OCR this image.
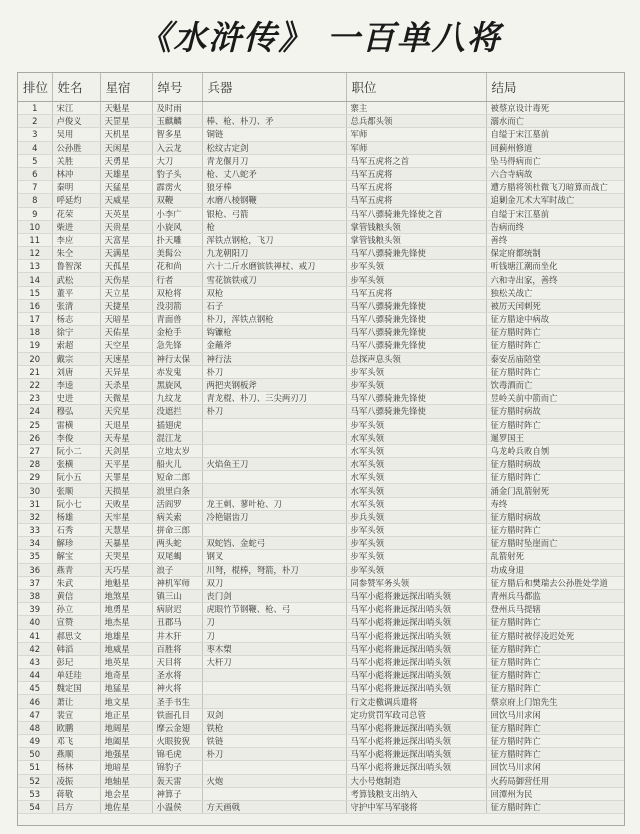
《水浒传》 一百单八将
排位	姓名	星宿	绰号	兵器	职位	结局
1	宋江	天魁星	及时雨		寨主	被蔡京设计毒死
2	卢俊义	天罡星	玉麒麟	棒、枪、朴刀、矛	总兵都头领	溺水而亡
3	吴用	天机星	智多星	铜链	军师	自缢于宋江墓前
4	公孙胜	天闲星	入云龙	松纹古定剑	军师	回蓟州修道
5	关胜	天勇星	大刀	青龙偃月刀	马军五虎将之首	坠马得病而亡
6	林冲	天雄星	豹子头	枪、丈八蛇矛	马军五虎将	六合寺病故
7	秦明	天猛星	霹雳火	狼牙棒	马军五虎将	遭方腊将领杜微飞刀暗算而战亡
8	呼延灼	天威星	双鞭	水磨八棱钢鞭	马军五虎将	追剿金兀术大军时战亡
9	花荣	天英星	小李广	银枪、弓箭	马军八骠骑兼先锋使之首	自缢于宋江墓前
10	柴进	天贵星	小旋风	枪	掌管钱粮头领	告病而终
11	李应	天富星	扑天雕	浑铁点钢枪，飞刀	掌管钱粮头领	善终
12	朱仝	天满星	美髯公	九龙朝阳刀	马军八骠骑兼先锋使	保定府都统制
13	鲁智深	天孤星	花和尚	六十二斤水磨镔铁禅杖、戒刀	步军头领	听钱塘江潮而坐化
14	武松	天伤星	行者	雪花镔铁戒刀	步军头领	六和寺出家，善终
15	董平	天立星	双枪将	双枪	马军五虎将	独松关战亡
16	张清	天捷星	没羽箭	石子	马军八骠骑兼先锋使	被厉天闰刺死
17	杨志	天暗星	青面兽	朴刀，浑铁点钢枪	马军八骠骑兼先锋使	征方腊途中病故
18	徐宁	天佑星	金枪手	钩镰枪	马军八骠骑兼先锋使	征方腊时阵亡
19	索超	天空星	急先锋	金蘸斧	马军八骠骑兼先锋使	征方腊时阵亡
20	戴宗	天速星	神行太保	神行法	总探声息头领	泰安岳庙陪堂
21	刘唐	天异星	赤发鬼	朴刀	步军头领	征方腊时阵亡
22	李逵	天杀星	黑旋风	两把夹钢板斧	步军头领	饮毒酒而亡
23	史进	天微星	九纹龙	青龙棍、朴刀、三尖两刃刀	马军八骠骑兼先锋使	昱岭关前中箭而亡
24	穆弘	天究星	没遮拦	朴刀	马军八骠骑兼先锋使	征方腊时病故
25	雷横	天退星	插翅虎		步军头领	征方腊时阵亡
26	李俊	天寿星	混江龙		水军头领	暹罗国王
27	阮小二	天剑星	立地太岁		水军头领	乌龙岭兵败自刎
28	张横	天平星	船火儿	火焰鱼王刀	水军头领	征方腊时病故
29	阮小五	天罪星	短命二郎		水军头领	征方腊时阵亡
30	张顺	天损星	浪里白条		水军头领	涌金门乱箭射死
31	阮小七	天败星	活阎罗	龙王刺、蓼叶枪、刀	水军头领	寿终
32	杨雄	天牢星	病关索	冷艳锯齿刀	步兵头领	征方腊时病故
33	石秀	天慧星	拼命三郎		步军头领	征方腊时阵亡
34	解珍	天暴星	两头蛇	双蛇铛、金蛇弓	步军头领	征方腊时坠崖而亡
35	解宝	天哭星	双尾蝎	钢叉	步军头领	乱箭射死
36	燕青	天巧星	浪子	川弩，棍棒，弩箭，朴刀	步军头领	功成身退
37	朱武	地魁星	神机军师	双刀	同参赞军务头领	征方腊后和樊瑞去公孙胜处学道
38	黄信	地煞星	镇三山	丧门剑	马军小彪将兼远探出哨头领	青州兵马都监
39	孙立	地勇星	病尉迟	虎眼竹节钢鞭、枪、弓	马军小彪将兼远探出哨头领	登州兵马提辖
40	宣赞	地杰星	丑郡马	刀	马军小彪将兼远探出哨头领	征方腊时阵亡
41	郝思文	地雄星	井木犴	刀	马军小彪将兼远探出哨头领	征方腊时被俘凌迟处死
42	韩滔	地威星	百胜将	枣木槊	马军小彪将兼远探出哨头领	征方腊时阵亡
43	彭玘	地英星	天目将	大杆刀	马军小彪将兼远探出哨头领	征方腊时阵亡
44	单廷珪	地奇星	圣水将		马军小彪将兼远探出哨头领	征方腊时阵亡
45	魏定国	地猛星	神火将		马军小彪将兼远探出哨头领	征方腊时阵亡
46	萧让	地文星	圣手书生		行文走檄调兵遣将	蔡京府上门馆先生
47	裴宣	地正星	铁面孔目	双剑	定功赏罚军政司总管	回饮马川求闲
48	欧鹏	地阔星	摩云金翅	铁枪	马军小彪将兼远探出哨头领	征方腊时阵亡
49	邓飞	地阖星	火眼狻猊	铁链	马军小彪将兼远探出哨头领	征方腊时阵亡
50	燕顺	地强星	锦毛虎	朴刀	马军小彪将兼远探出哨头领	征方腊时阵亡
51	杨林	地暗星	锦豹子		马军小彪将兼远探出哨头领	回饮马川求闲
52	凌振	地轴星	轰天雷	火炮	大小号炮制造	火药局御营任用
53	蒋敬	地会星	神算子		考算钱粮支出纳入	回潭州为民
54	吕方	地佐星	小温侯	方天画戟	守护中军马军骁将	征方腊时阵亡
